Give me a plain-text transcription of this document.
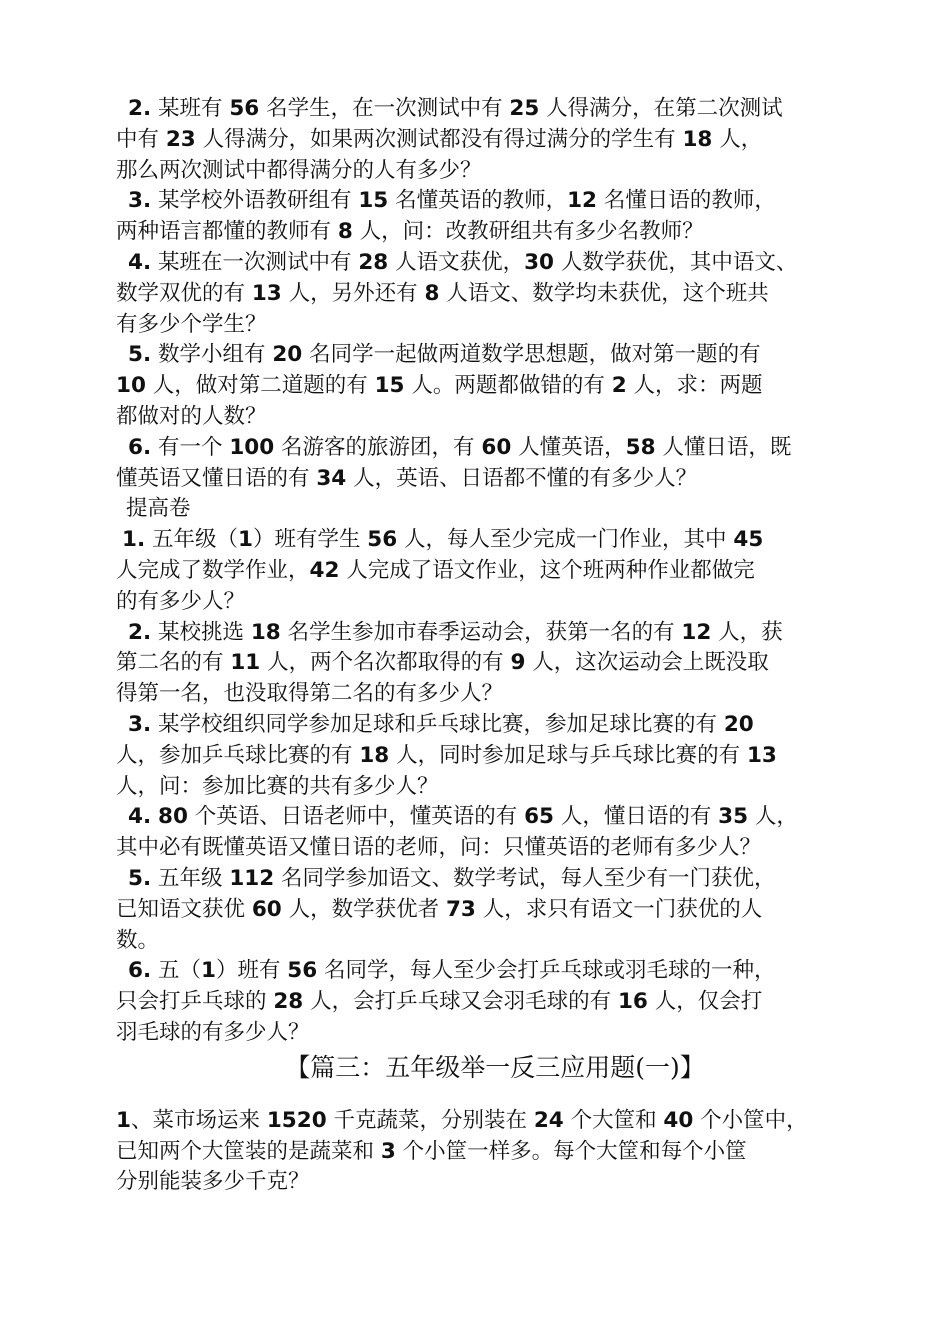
2. 某班有 56 名学生，在一次测试中有 25 人得满分，在第二次测试
中有 23 人得满分，如果两次测试都没有得过满分的学生有 18 人，
那么两次测试中都得满分的人有多少？

3. 某学校外语教研组有 15 名懂英语的教师，12 名懂日语的教师，
两种语言都懂的教师有 8 人，问：改教研组共有多少名教师？

4. 某班在一次测试中有 28 人语文获优，30 人数学获优，其中语文、
数学双优的有 13 人，另外还有 8 人语文、数学均未获优，这个班共
有多少个学生？

5. 数学小组有 20 名同学一起做两道数学思想题，做对第一题的有
10 人，做对第二道题的有 15 人。两题都做错的有 2 人，求：两题
都做对的人数？

6. 有一个 100 名游客的旅游团，有 60 人懂英语，58 人懂日语，既
懂英语又懂日语的有 34 人，英语、日语都不懂的有多少人？

提高卷

1. 五年级（1）班有学生 56 人，每人至少完成一门作业，其中 45
人完成了数学作业，42 人完成了语文作业，这个班两种作业都做完
的有多少人？

2. 某校挑选 18 名学生参加市春季运动会，获第一名的有 12 人，获
第二名的有 11 人，两个名次都取得的有 9 人，这次运动会上既没取
得第一名，也没取得第二名的有多少人？

3. 某学校组织同学参加足球和乒乓球比赛，参加足球比赛的有 20
人，参加乒乓球比赛的有 18 人，同时参加足球与乒乓球比赛的有 13
人，问：参加比赛的共有多少人？

4. 80 个英语、日语老师中，懂英语的有 65 人，懂日语的有 35 人，
其中必有既懂英语又懂日语的老师，问：只懂英语的老师有多少人？

5. 五年级 112 名同学参加语文、数学考试，每人至少有一门获优，
已知语文获优 60 人，数学获优者 73 人，求只有语文一门获优的人
数。

6. 五（1）班有 56 名同学，每人至少会打乒乓球或羽毛球的一种，
只会打乒乓球的 28 人，会打乒乓球又会羽毛球的有 16 人，仅会打
羽毛球的有多少人？

【篇三：五年级举一反三应用题(一)】

1、菜市场运来 1520 千克蔬菜，分别装在 24 个大筐和 40 个小筐中，
已知两个大筐装的是蔬菜和 3 个小筐一样多。每个大筐和每个小筐
分别能装多少千克？
